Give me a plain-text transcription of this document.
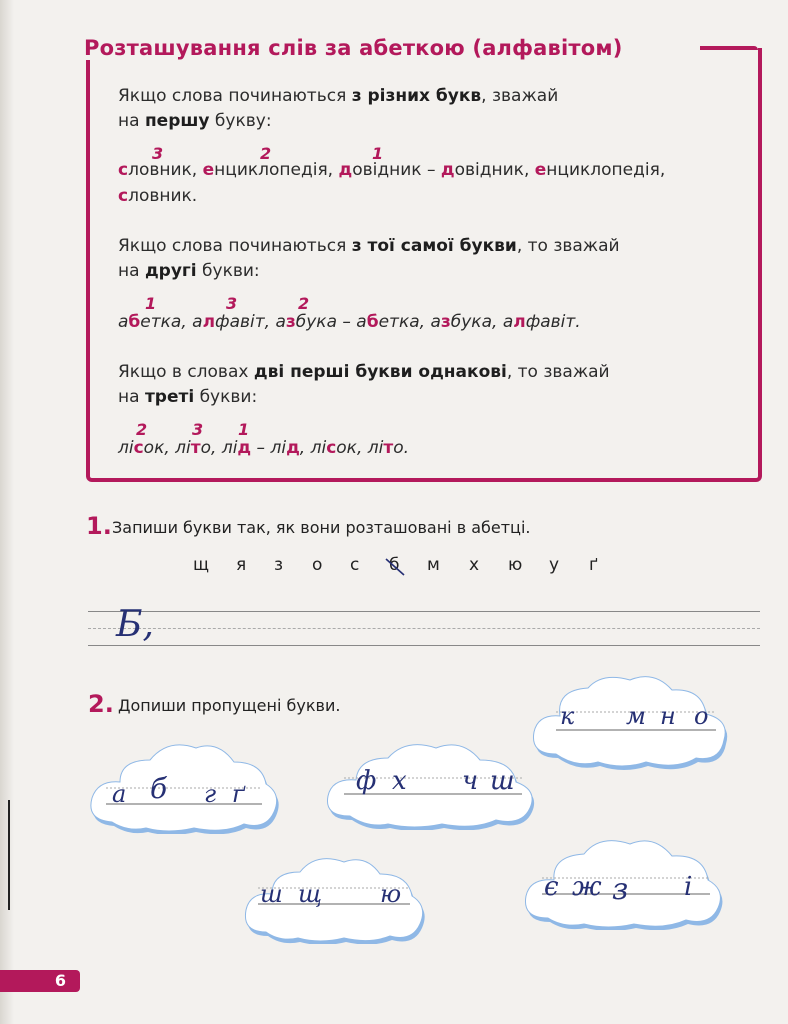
Розташування слів за абеткою (алфавітом)
Якщо слова починаються з різних букв, зважай
на першу букву:
3	2	1
словник, енциклопедія, довідник – довідник, енциклопедія,
словник.
Якщо слова починаються з тої самої букви, то зважай
на другі букви:
1	3	2
абетка, алфавіт, азбука – абетка, азбука, алфавіт.
Якщо в словах дві перші букви однакові, то зважай
на треті букви:
2	3 1
лісок, літо, лід – лід, лісок, літо.
1. Запиши букви так, як вони розташовані в абетці.
щ я з о с б м х ю у ґ
Б,
2. Допиши пропущені букви.	к м н о
а б г ґ	ф х ч ш
ш щ ю	є ж з і
6
